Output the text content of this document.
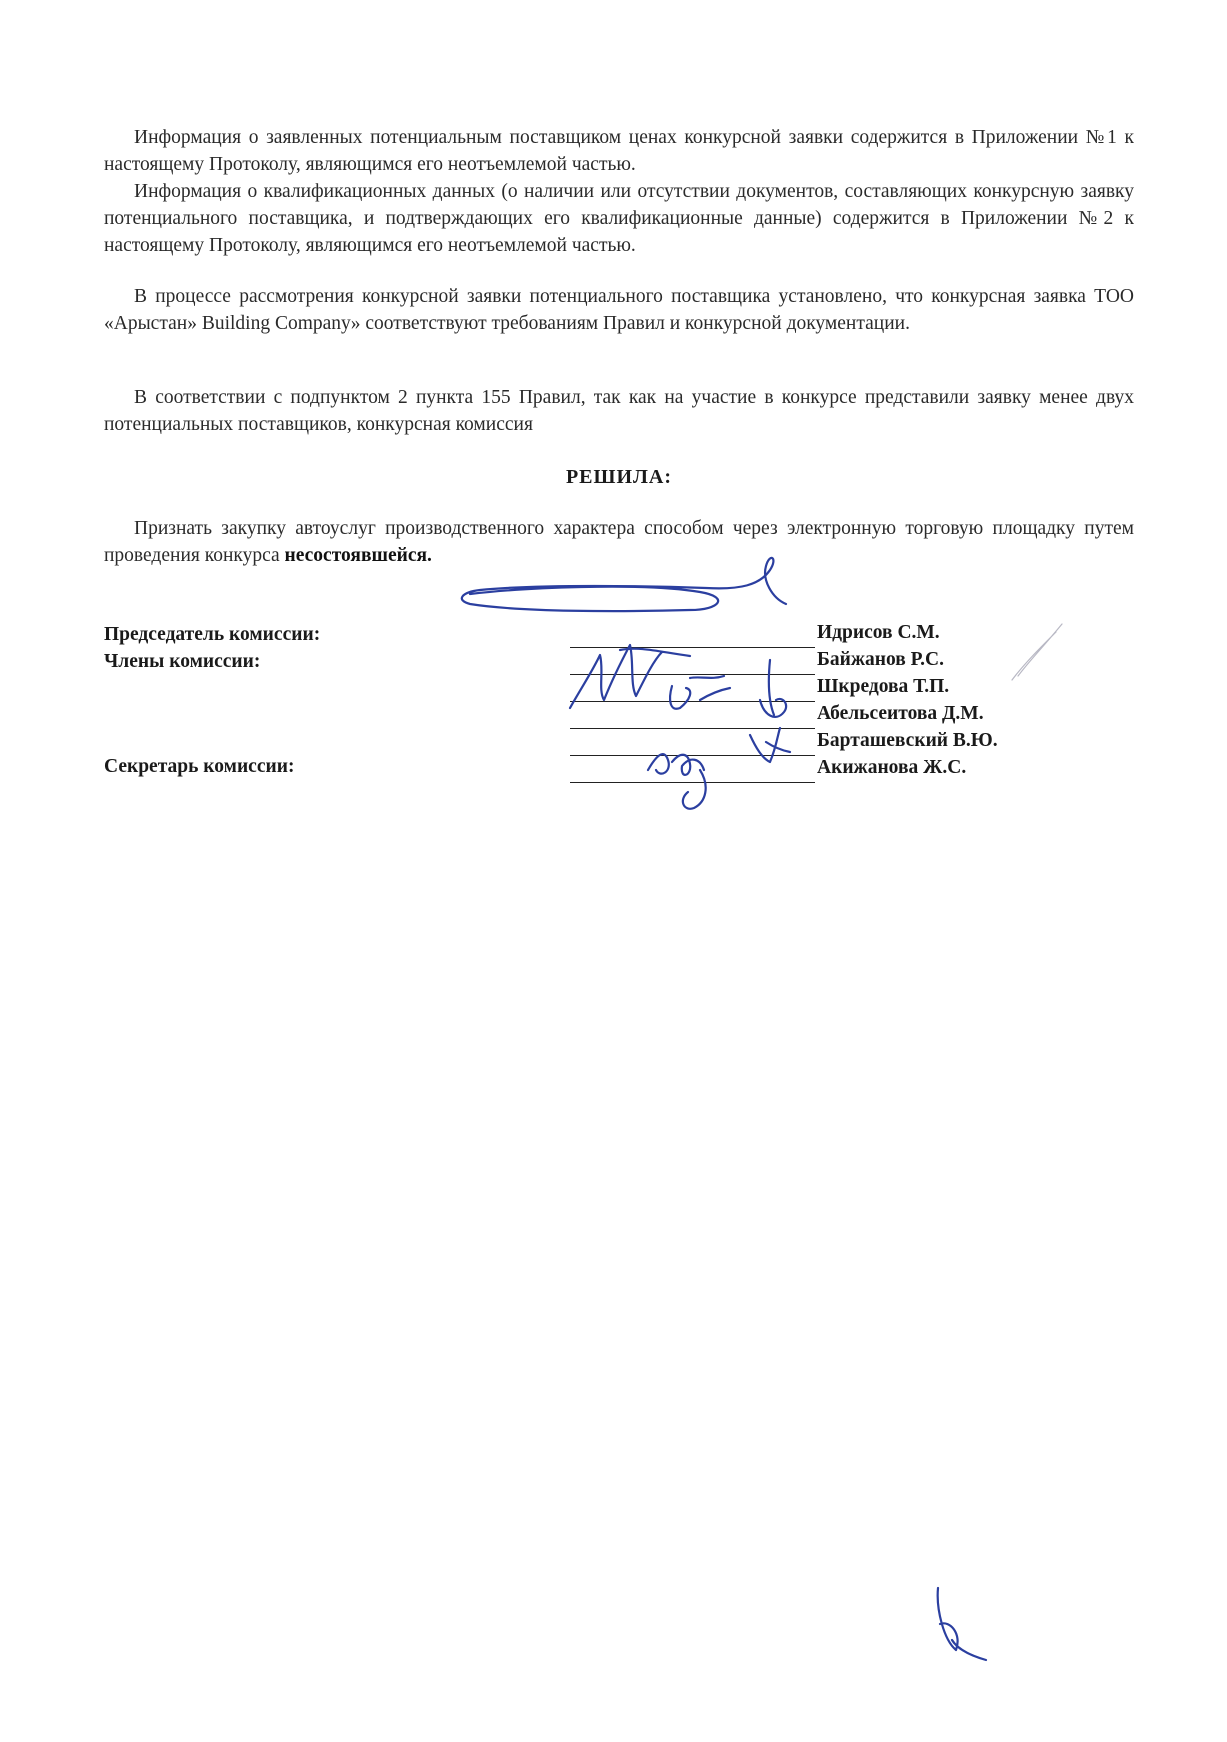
Информация о заявленных потенциальным поставщиком ценах конкурсной заявки содержится в Приложении №1 к настоящему Протоколу, являющимся его неотъемлемой частью.

Информация о квалификационных данных (о наличии или отсутствии документов, составляющих конкурсную заявку потенциального поставщика, и подтверждающих его квалификационные данные) содержится в Приложении №2 к настоящему Протоколу, являющимся его неотъемлемой частью.

В процессе рассмотрения конкурсной заявки потенциального поставщика установлено, что конкурсная заявка ТОО «Арыстан» Building Company» соответствуют требованиям Правил и конкурсной документации.

В соответствии с подпунктом 2 пункта 155 Правил, так как на участие в конкурсе представили заявку менее двух потенциальных поставщиков, конкурсная комиссия

РЕШИЛА:

Признать закупку автоуслуг производственного характера способом через электронную торговую площадку путем проведения конкурса несостоявшейся.

Председатель комиссии:
Члены комиссии:
Секретарь комиссии:
Идрисов С.М.
Байжанов Р.С.
Шкредова Т.П.
Абельсеитова Д.М.
Барташевский В.Ю.
Акижанова Ж.С.
